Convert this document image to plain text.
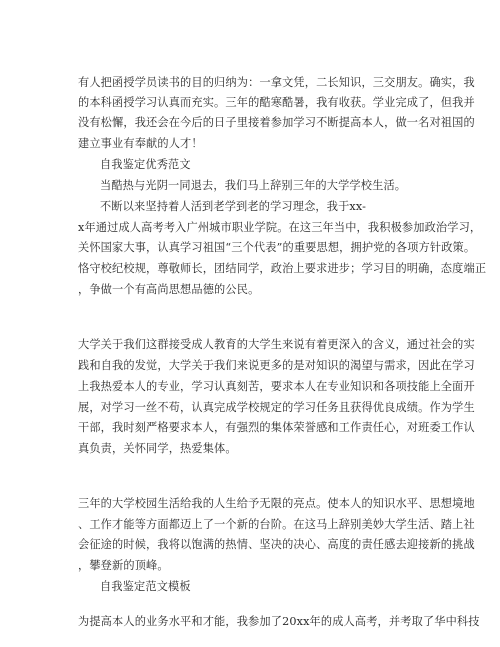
有人把函授学员读书的目的归纳为：一拿文凭，二长知识，三交朋友。确实，我
的本科函授学习认真而充实。三年的酷寒酷暑，我有收获。学业完成了，但我并
没有松懈，我还会在今后的日子里接着参加学习不断提高本人，做一名对祖国的
建立事业有奉献的人才！
自我鉴定优秀范文
当酷热与光阴一同退去，我们马上辞别三年的大学学校生活。
不断以来坚持着人活到老学到老的学习理念，我于xx-
x年通过成人高考考入广州城市职业学院。在这三年当中，我积极参加政治学习，
关怀国家大事，认真学习祖国“三个代表”的重要思想，拥护党的各项方针政策。
恪守校纪校规，尊敬师长，团结同学，政治上要求进步；学习目的明确，态度端正
，争做一个有高尚思想品德的公民。
大学关于我们这群接受成人教育的大学生来说有着更深入的含义，通过社会的实
践和自我的发觉，大学关于我们来说更多的是对知识的渴望与需求，因此在学习
上我热爱本人的专业，学习认真刻苦，要求本人在专业知识和各项技能上全面开
展，对学习一丝不苟，认真完成学校规定的学习任务且获得优良成绩。作为学生
干部，我时刻严格要求本人，有强烈的集体荣誉感和工作责任心，对班委工作认
真负责，关怀同学，热爱集体。
三年的大学校园生活给我的人生给予无限的亮点。使本人的知识水平、思想境地
、工作才能等方面都迈上了一个新的台阶。在这马上辞别美妙大学生活、踏上社
会征途的时候，我将以饱满的热情、坚决的决心、高度的责任感去迎接新的挑战
，攀登新的顶峰。
自我鉴定范文模板
为提高本人的业务水平和才能，我参加了20xx年的成人高考，并考取了华中科技
